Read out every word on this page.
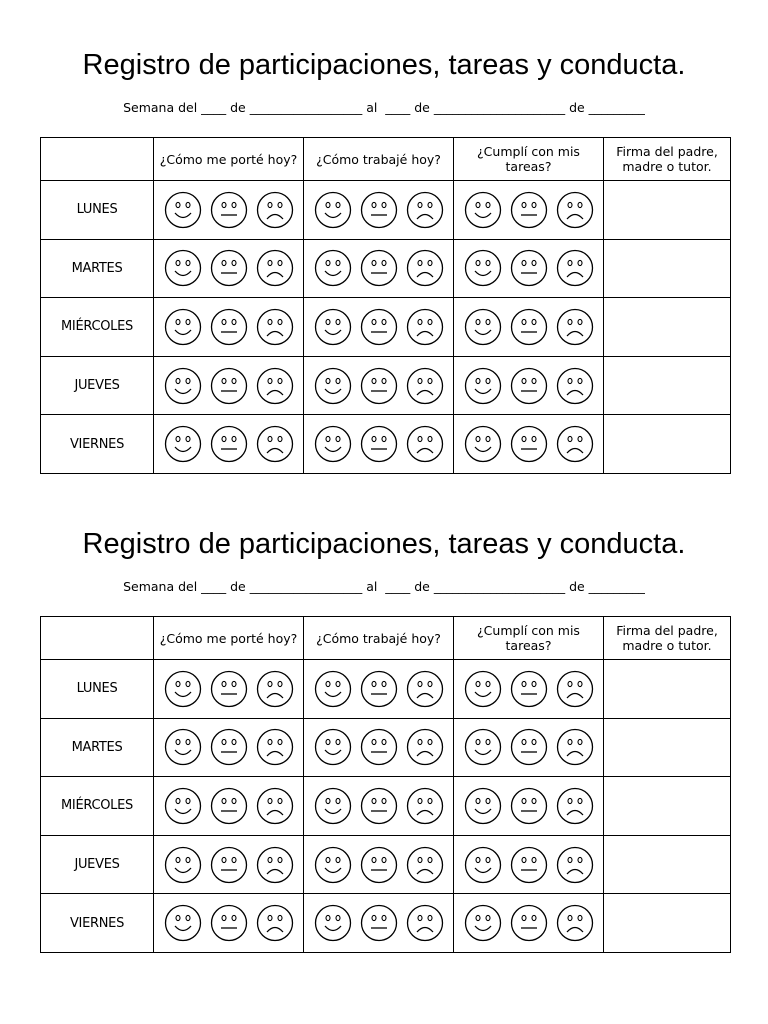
Registro de participaciones, tareas y conducta.
Semana del ____ de __________________ al  ____ de _____________________ de _________
	¿Cómo me porté hoy?	¿Cómo trabajé hoy?	¿Cumplí con mis tareas?	Firma del padre, madre o tutor.
LUNES	

MARTES	

MIÉRCOLES	

JUEVES	

VIERNES	

Registro de participaciones, tareas y conducta.
Semana del ____ de __________________ al  ____ de _____________________ de _________
	¿Cómo me porté hoy?	¿Cómo trabajé hoy?	¿Cumplí con mis tareas?	Firma del padre, madre o tutor.
LUNES	

MARTES	

MIÉRCOLES	

JUEVES	

VIERNES	
